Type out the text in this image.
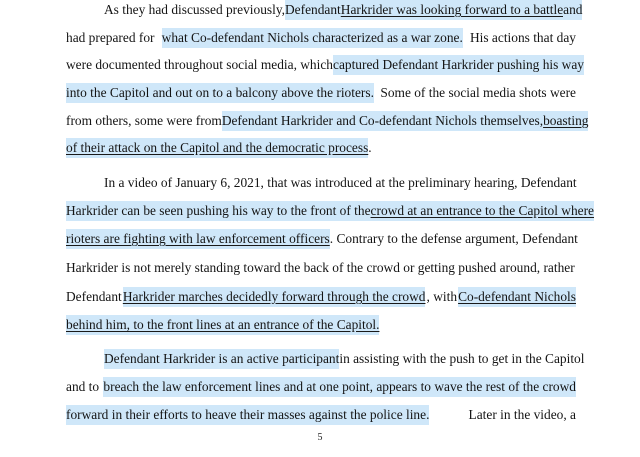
As they had discussed previously, Defendant Harkrider was looking forward to a battle and
had prepared for what Co-defendant Nichols characterized as a war zone. His actions that day
were documented throughout social media, which captured Defendant Harkrider pushing his way
into the Capitol and out on to a balcony above the rioters. Some of the social media shots were
from others, some were from Defendant Harkrider and Co-defendant Nichols themselves, boasting
of their attack on the Capitol and the democratic process .
In a video of January 6, 2021, that was introduced at the preliminary hearing, Defendant
Harkrider can be seen pushing his way to the front of the crowd at an entrance to the Capitol where
rioters are fighting with law enforcement officers . Contrary to the defense argument, Defendant
Harkrider is not merely standing toward the back of the crowd or getting pushed around, rather
Defendant Harkrider marches decidedly forward through the crowd , with Co-defendant Nichols
behind him, to the front lines at an entrance of the Capitol.
Defendant Harkrider is an active participant in assisting with the push to get in the Capitol
and to breach the law enforcement lines and at one point, appears to wave the rest of the crowd
forward in their efforts to heave their masses against the police line.	Later in the video, a
5
